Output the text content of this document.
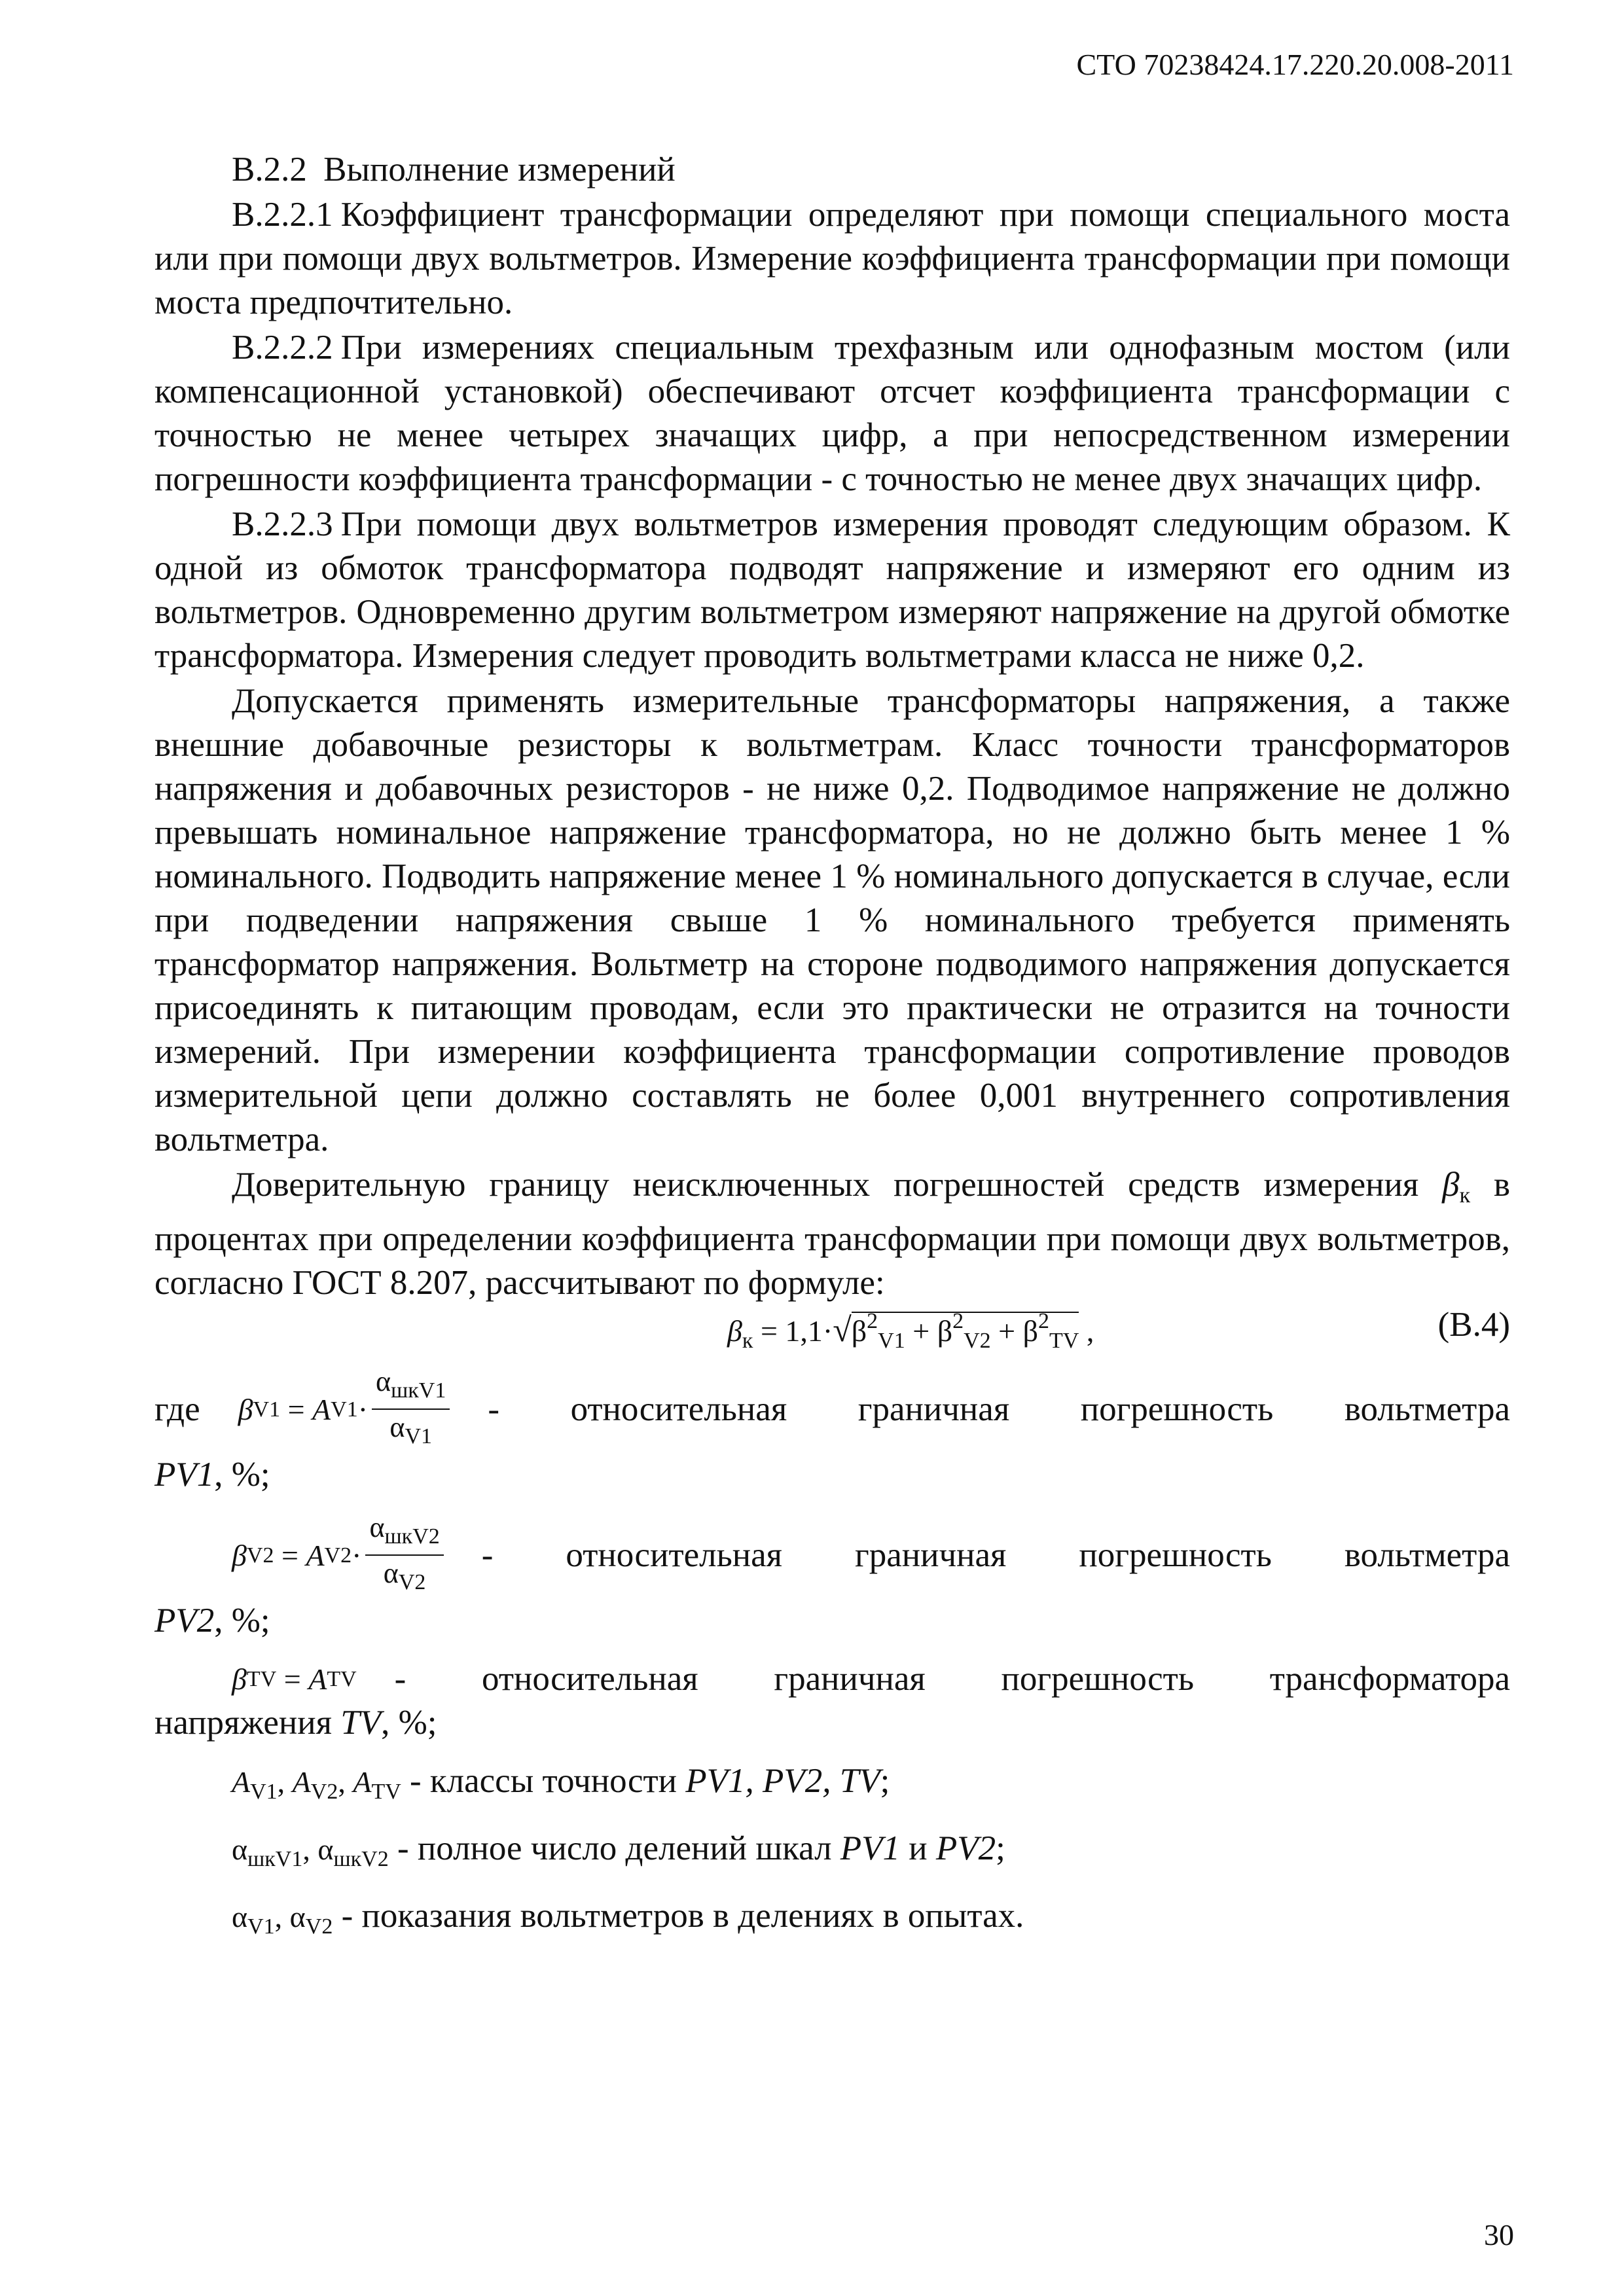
СТО 70238424.17.220.20.008-2011

В.2.2 Выполнение измерений

В.2.2.1 Коэффициент трансформации определяют при помощи специального моста или при помощи двух вольтметров. Измерение коэффициента трансформации при помощи моста предпочтительно.

В.2.2.2 При измерениях специальным трехфазным или однофазным мостом (или компенсационной установкой) обеспечивают отсчет коэффициента трансформации с точностью не менее четырех значащих цифр, а при непосредственном измерении погрешности коэффициента трансформации - с точностью не менее двух значащих цифр.

В.2.2.3 При помощи двух вольтметров измерения проводят следующим образом. К одной из обмоток трансформатора подводят напряжение и измеряют его одним из вольтметров. Одновременно другим вольтметром измеряют напряжение на другой обмотке трансформатора. Измерения следует проводить вольтметрами класса не ниже 0,2.

Допускается применять измерительные трансформаторы напряжения, а также внешние добавочные резисторы к вольтметрам. Класс точности трансформаторов напряжения и добавочных резисторов - не ниже 0,2. Подводимое напряжение не должно превышать номинальное напряжение трансформатора, но не должно быть менее 1 % номинального. Подводить напряжение менее 1 % номинального допускается в случае, если при подведении напряжения свыше 1 % номинального требуется применять трансформатор напряжения. Вольтметр на стороне подводимого напряжения допускается присоединять к питающим проводам, если это практически не отразится на точности измерений. При измерении коэффициента трансформации сопротивление проводов измерительной цепи должно составлять не более 0,001 внутреннего сопротивления вольтметра.

Доверительную границу неисключенных погрешностей средств измерения βк в процентах при определении коэффициента трансформации при помощи двух вольтметров, согласно ГОСТ 8.207, рассчитывают по формуле:

$\beta_к = 1,1\cdot√\beta^2_{V1} + \beta^2_{V2} + \beta^2_{TV}$ ,	(В.4)
где β V1
=
A $V1 \cdot \frac{\alpha_{шкV1}}{\alpha_{V1}}$ - относительная граничная погрешность вольтметра
PV1, %;
β V2
=
A $V2 \cdot \frac{\alpha_{шкV2}}{\alpha_{V2}}$ - относительная граничная погрешность вольтметра
PV2, %;
β TV
=
A TV - относительная граничная погрешность трансформатора
напряжения TV, %;
$A_{V1}$, $A_{V2}$, $A_{TV}$ - классы точности PV1, PV2, TV;
$\alpha_{шкV1}$, $\alpha_{шкV2}$ - полное число делений шкал PV1 и PV2;
$\alpha_{V1}$, $\alpha_{V2}$ - показания вольтметров в делениях в опытах.
30
